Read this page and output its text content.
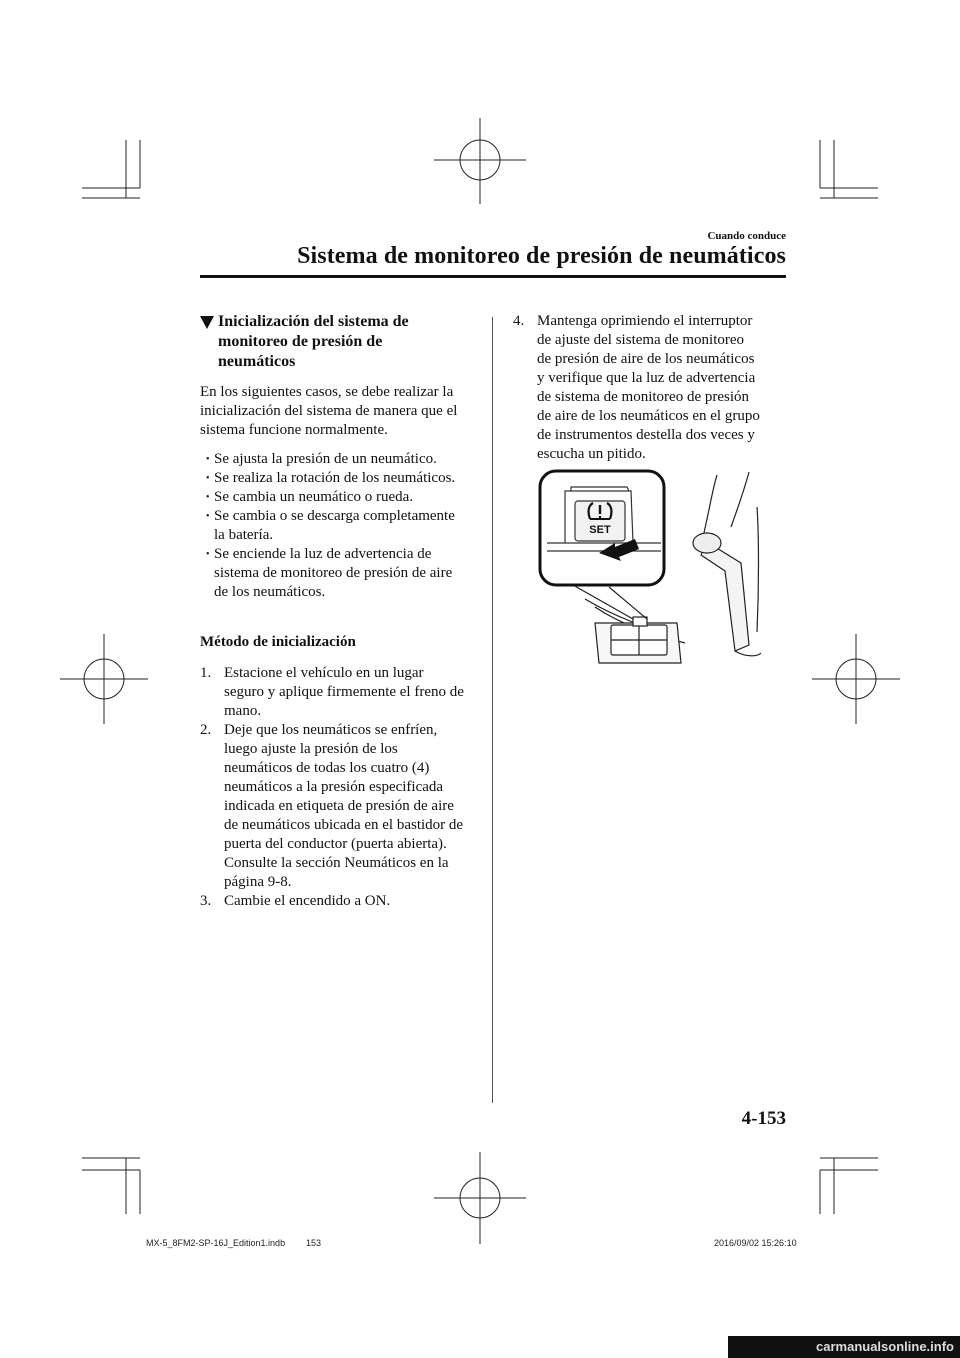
Cuando conduce
Sistema de monitoreo de presión de neumáticos
Inicialización del sistema de
monitoreo de presión de
neumáticos

En los siguientes casos, se debe realizar la
inicialización del sistema de manera que el
sistema funcione normalmente.

• Se ajusta la presión de un neumático.
• Se realiza la rotación de los neumáticos.
• Se cambia un neumático o rueda.
• Se cambia o se descarga completamente
la batería.
• Se enciende la luz de advertencia de
sistema de monitoreo de presión de aire
de los neumáticos.

Método de inicialización

1. Estacione el vehículo en un lugar
seguro y aplique firmemente el freno de
mano.
2. Deje que los neumáticos se enfríen,
luego ajuste la presión de los
neumáticos de todas los cuatro (4)
neumáticos a la presión especificada
indicada en etiqueta de presión de aire
de neumáticos ubicada en el bastidor de
puerta del conductor (puerta abierta).
Consulte la sección Neumáticos en la
página 9-8.
3. Cambie el encendido a ON.
4. Mantenga oprimiendo el interruptor
de ajuste del sistema de monitoreo
de presión de aire de los neumáticos
y verifique que la luz de advertencia
de sistema de monitoreo de presión
de aire de los neumáticos en el grupo
de instrumentos destella dos veces y
escucha un pitido.
SET
4-153
MX-5_8FM2-SP-16J_Edition1.indb 153	2016/09/02 15:26:10
carmanualsonline.info
